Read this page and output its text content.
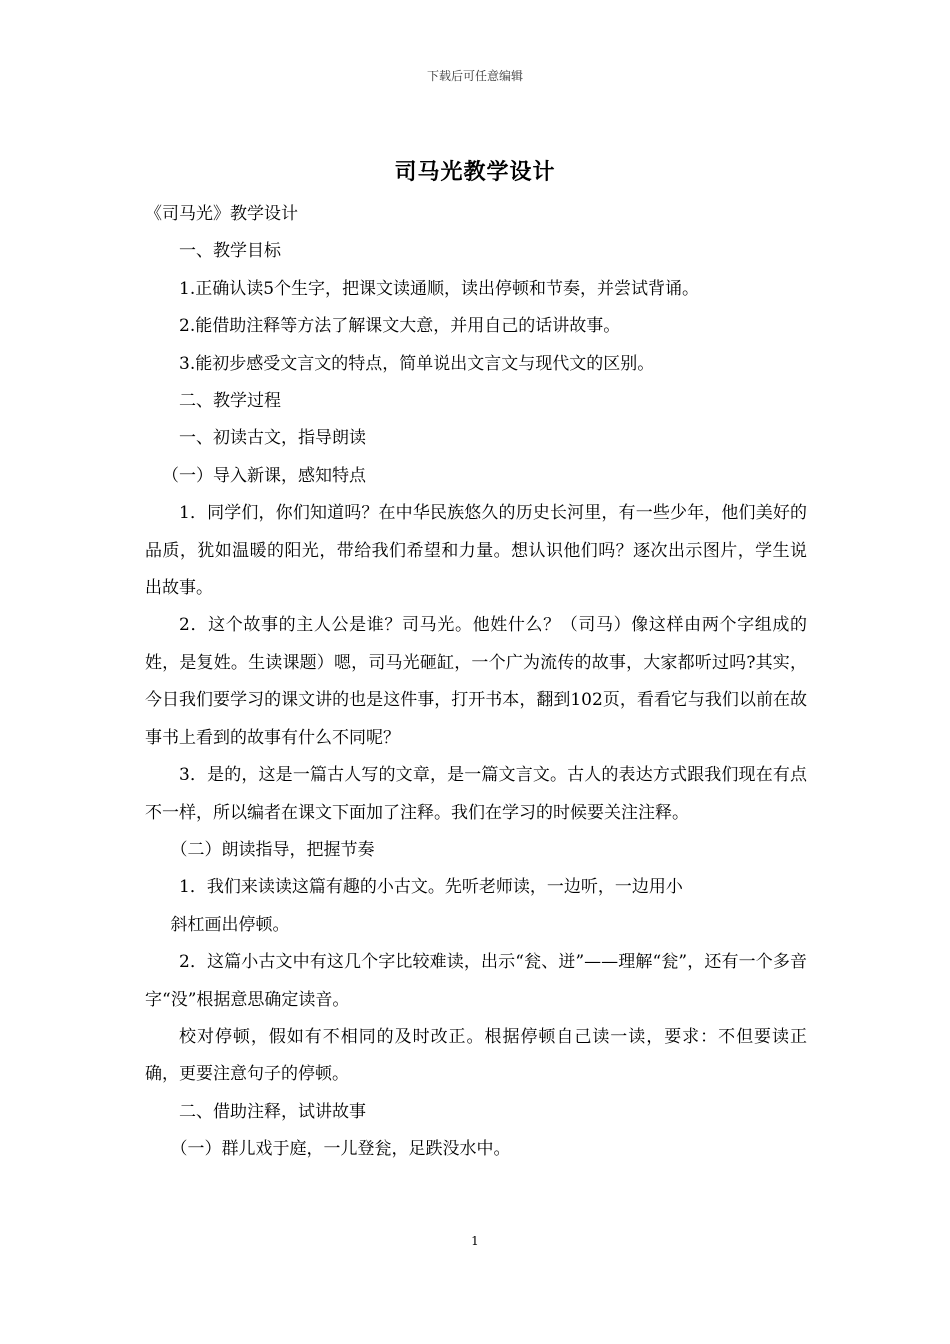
下载后可任意编辑
司马光教学设计

《司马光》教学设计

一、教学目标

1.正确认读5个生字，把课文读通顺，读出停顿和节奏，并尝试背诵。

2.能借助注释等方法了解课文大意，并用自己的话讲故事。

3.能初步感受文言文的特点，简单说出文言文与现代文的区别。

二、教学过程

一、初读古文，指导朗读

（一）导入新课，感知特点

1．同学们，你们知道吗？在中华民族悠久的历史长河里，有一些少年，他们美好的品质，犹如温暖的阳光，带给我们希望和力量。想认识他们吗？逐次出示图片，学生说出故事。

2．这个故事的主人公是谁？司马光。他姓什么？（司马）像这样由两个字组成的姓，是复姓。生读课题）嗯，司马光砸缸，一个广为流传的故事，大家都听过吗?其实，今日我们要学习的课文讲的也是这件事，打开书本，翻到102页，看看它与我们以前在故事书上看到的故事有什么不同呢？

3．是的，这是一篇古人写的文章，是一篇文言文。古人的表达方式跟我们现在有点不一样，所以编者在课文下面加了注释。我们在学习的时候要关注注释。

（二）朗读指导，把握节奏

1．我们来读读这篇有趣的小古文。先听老师读，一边听，一边用小

斜杠画出停顿。

2．这篇小古文中有这几个字比较难读，出示“瓮、迸”——理解“瓮”，还有一个多音字“没”根据意思确定读音。

校对停顿，假如有不相同的及时改正。根据停顿自己读一读，要求：不但要读正确，更要注意句子的停顿。

二、借助注释，试讲故事

（一）群儿戏于庭，一儿登瓮，足跌没水中。

1
